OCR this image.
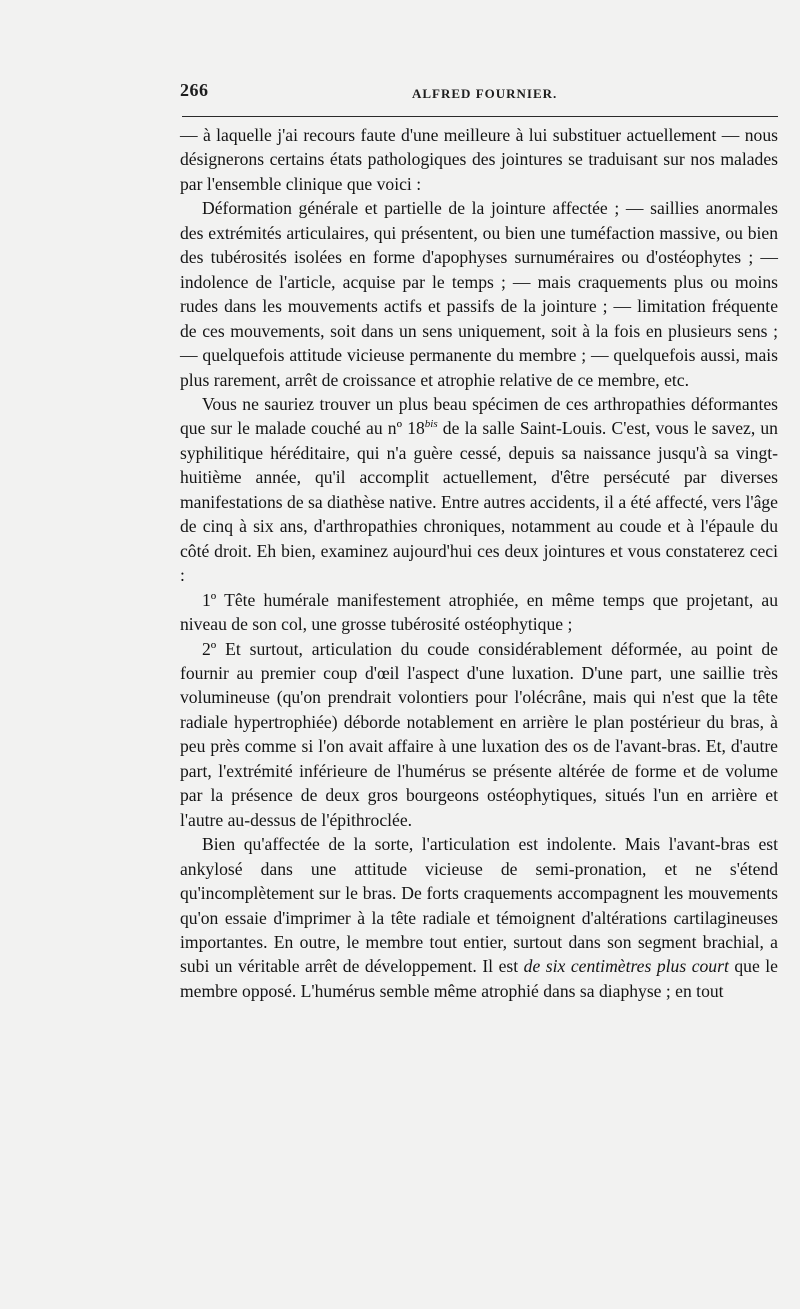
266	ALFRED FOURNIER.

— à laquelle j'ai recours faute d'une meilleure à lui substituer actuellement — nous désignerons certains états pathologiques des jointures se traduisant sur nos malades par l'ensemble clinique que voici :

Déformation générale et partielle de la jointure affectée ; — saillies anormales des extrémités articulaires, qui présentent, ou bien une tuméfaction massive, ou bien des tubérosités isolées en forme d'apophyses surnuméraires ou d'ostéophytes ; — indolence de l'article, acquise par le temps ; — mais craquements plus ou moins rudes dans les mouvements actifs et passifs de la jointure ; — limitation fréquente de ces mouvements, soit dans un sens uniquement, soit à la fois en plusieurs sens ; — quelquefois attitude vicieuse permanente du membre ; — quelquefois aussi, mais plus rarement, arrêt de croissance et atrophie relative de ce membre, etc.

Vous ne sauriez trouver un plus beau spécimen de ces arthropathies déformantes que sur le malade couché au nº $18^{bis}$ de la salle Saint-Louis. C'est, vous le savez, un syphilitique héréditaire, qui n'a guère cessé, depuis sa naissance jusqu'à sa vingt-huitième année, qu'il accomplit actuellement, d'être persécuté par diverses manifestations de sa diathèse native. Entre autres accidents, il a été affecté, vers l'âge de cinq à six ans, d'arthropathies chroniques, notamment au coude et à l'épaule du côté droit. Eh bien, examinez aujourd'hui ces deux jointures et vous constaterez ceci :

1º Tête humérale manifestement atrophiée, en même temps que projetant, au niveau de son col, une grosse tubérosité ostéophytique ;

2º Et surtout, articulation du coude considérablement déformée, au point de fournir au premier coup d'œil l'aspect d'une luxation. D'une part, une saillie très volumineuse (qu'on prendrait volontiers pour l'olécrâne, mais qui n'est que la tête radiale hypertrophiée) déborde notablement en arrière le plan postérieur du bras, à peu près comme si l'on avait affaire à une luxation des os de l'avant-bras. Et, d'autre part, l'extrémité inférieure de l'humérus se présente altérée de forme et de volume par la présence de deux gros bourgeons ostéophytiques, situés l'un en arrière et l'autre au-dessus de l'épithroclée.

Bien qu'affectée de la sorte, l'articulation est indolente. Mais l'avant-bras est ankylosé dans une attitude vicieuse de semi-pronation, et ne s'étend qu'incomplètement sur le bras. De forts craquements accompagnent les mouvements qu'on essaie d'imprimer à la tête radiale et témoignent d'altérations cartilagineuses importantes. En outre, le membre tout entier, surtout dans son segment brachial, a subi un véritable arrêt de développement. Il est de six centimètres plus court que le membre opposé. L'humérus semble même atrophié dans sa diaphyse ; en tout
